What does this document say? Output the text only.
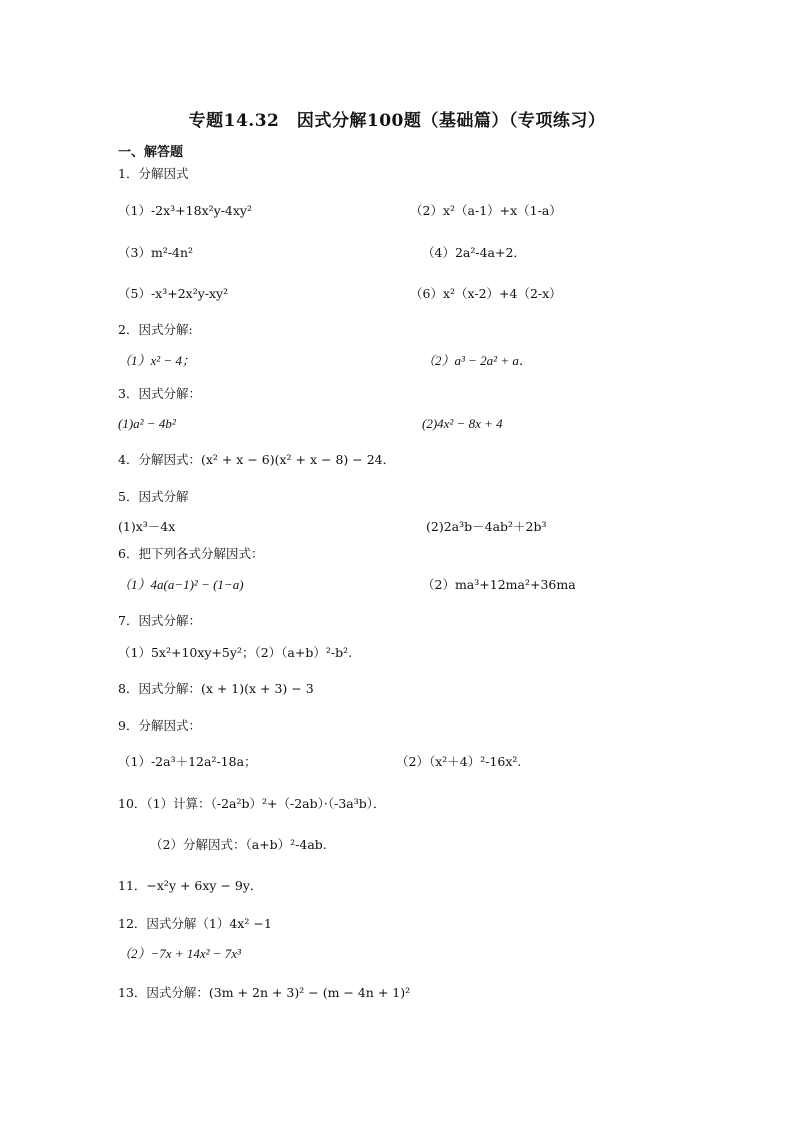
专题14.32　因式分解100题（基础篇）（专项练习）
一、解答题
1．分解因式
（1）-2x³+18x²y-4xy²	（2）x²（a-1）+x（1-a）
（3）m²-4n²	（4）2a²-4a+2．
（5）-x³+2x²y-xy²	（6）x²（x-2）+4（2-x）
2．因式分解:
（1）x² − 4；	（2）a³ − 2a² + a．
3．因式分解：
(1)a² − 4b²	(2)4x² − 8x + 4
4．分解因式：(x² + x − 6)(x² + x − 8) − 24．
5．因式分解
(1)x³－4x	(2)2a³b－4ab²＋2b³
6．把下列各式分解因式：
（1）4a(a−1)² − (1−a)	（2）ma³+12ma²+36ma
7．因式分解：
（1）5x²+10xy+5y²；（2）（a+b）²-b².
8．因式分解：(x + 1)(x + 3) − 3
9．分解因式：
（1）-2a³＋12a²-18a；	（2）（x²＋4）²-16x².
10．（1）计算：（-2a²b）²+（-2ab）·（-3a³b）．
（2）分解因式：（a+b）²-4ab.
11．−x²y + 6xy − 9y．
12．因式分解（1）4x² −1
（2）−7x + 14x² − 7x³
13．因式分解：(3m + 2n + 3)² − (m − 4n + 1)²
